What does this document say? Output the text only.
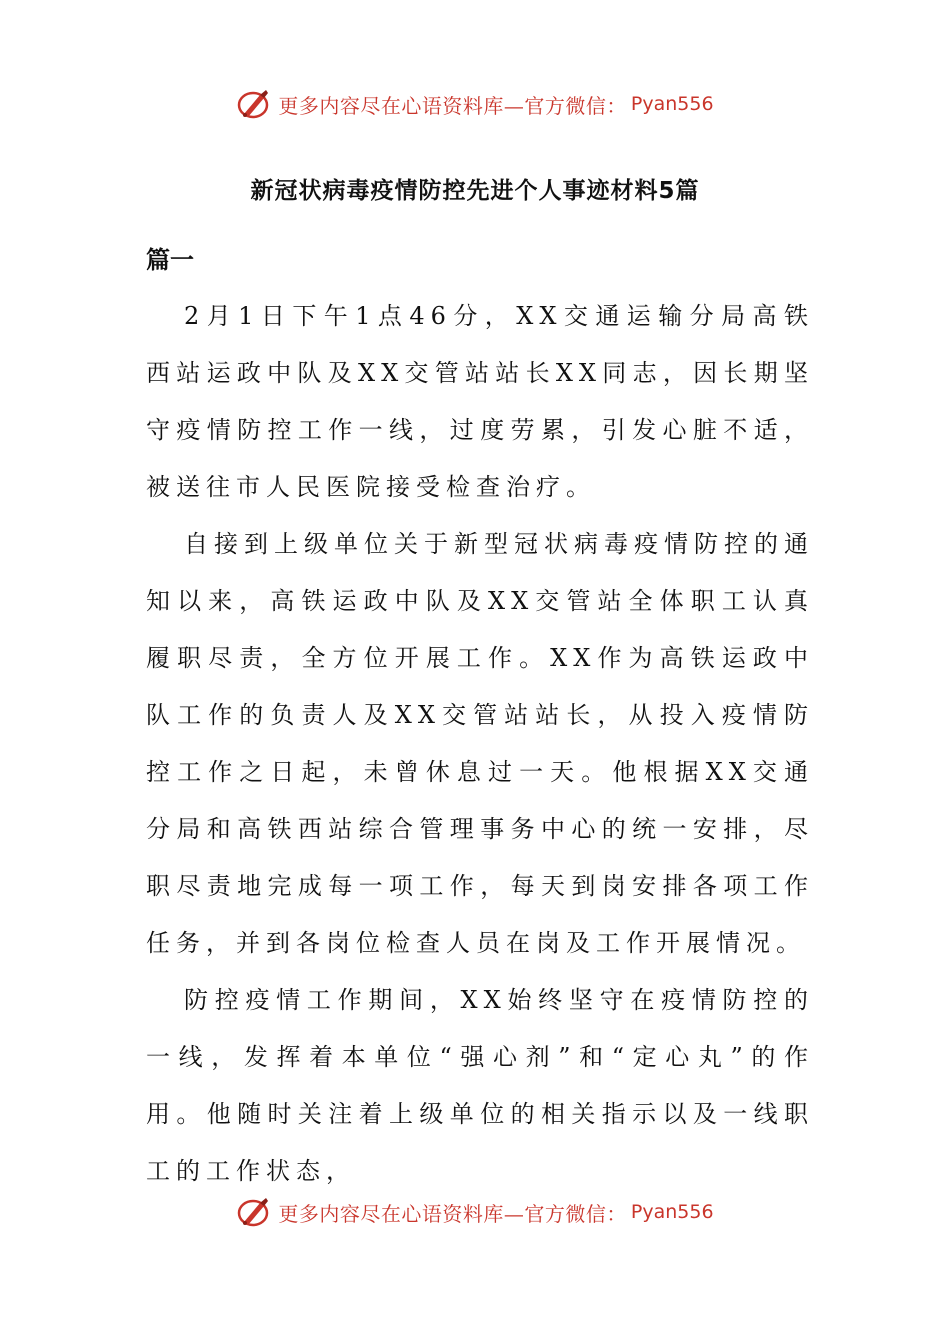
更多内容尽在心语资料库—官方微信： Pyan556
新冠状病毒疫情防控先进个人事迹材料5篇
篇一

2月1日下午1点46分，XX交通运输分局高铁西站运政中队及XX交管站站长XX同志，因长期坚守疫情防控工作一线，过度劳累，引发心脏不适，被送往市人民医院接受检查治疗。

自接到上级单位关于新型冠状病毒疫情防控的通知以来，高铁运政中队及XX交管站全体职工认真履职尽责，全方位开展工作。XX作为高铁运政中队工作的负责人及XX交管站站长，从投入疫情防控工作之日起，未曾休息过一天。他根据XX交通分局和高铁西站综合管理事务中心的统一安排，尽职尽责地完成每一项工作，每天到岗安排各项工作任务，并到各岗位检查人员在岗及工作开展情况。

防控疫情工作期间，XX始终坚守在疫情防控的一线，发挥着本单位“强心剂”和“定心丸”的作用。他随时关注着上级单位的相关指示以及一线职工的工作状态，

更多内容尽在心语资料库—官方微信： Pyan556
